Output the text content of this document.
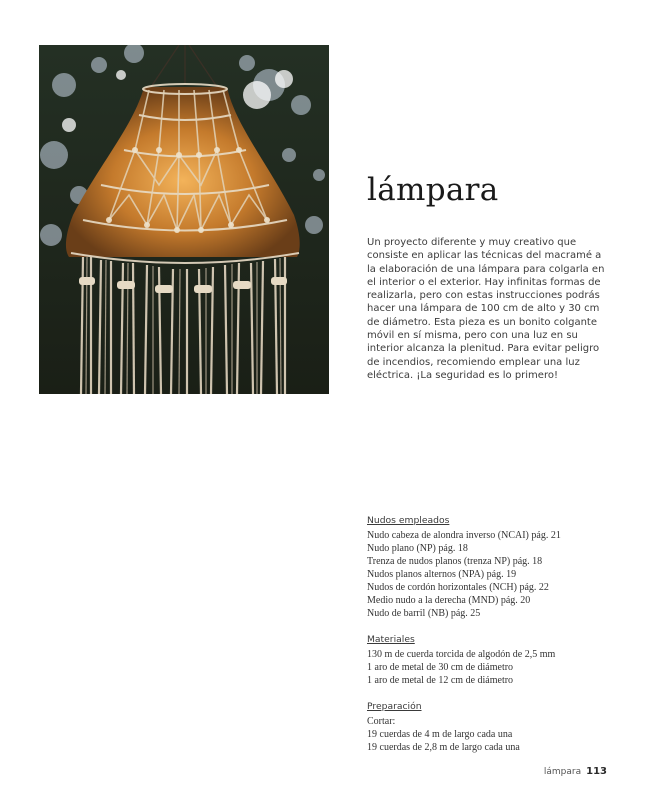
lámpara

Un proyecto diferente y muy creativo que consiste en aplicar las técnicas del macramé a la elaboración de una lámpara para colgarla en el interior o el exterior. Hay infinitas formas de realizarla, pero con estas instrucciones podrás hacer una lámpara de 100 cm de alto y 30 cm de diámetro. Esta pieza es un bonito colgante móvil en sí misma, pero con una luz en su interior alcanza la plenitud. Para evitar peligro de incendios, recomiendo emplear una luz eléctrica. ¡La seguridad es lo primero!

Nudos empleados
Nudo cabeza de alondra inverso (NCAI) pág. 21
Nudo plano (NP) pág. 18
Trenza de nudos planos (trenza NP) pág. 18
Nudos planos alternos (NPA) pág. 19
Nudos de cordón horizontales (NCH) pág. 22
Medio nudo a la derecha (MND) pág. 20
Nudo de barril (NB) pág. 25
Materiales
130 m de cuerda torcida de algodón de 2,5 mm
1 aro de metal de 30 cm de diámetro
1 aro de metal de 12 cm de diámetro
Preparación
Cortar:
19 cuerdas de 4 m de largo cada una
19 cuerdas de 2,8 m de largo cada una
lámpara 113
